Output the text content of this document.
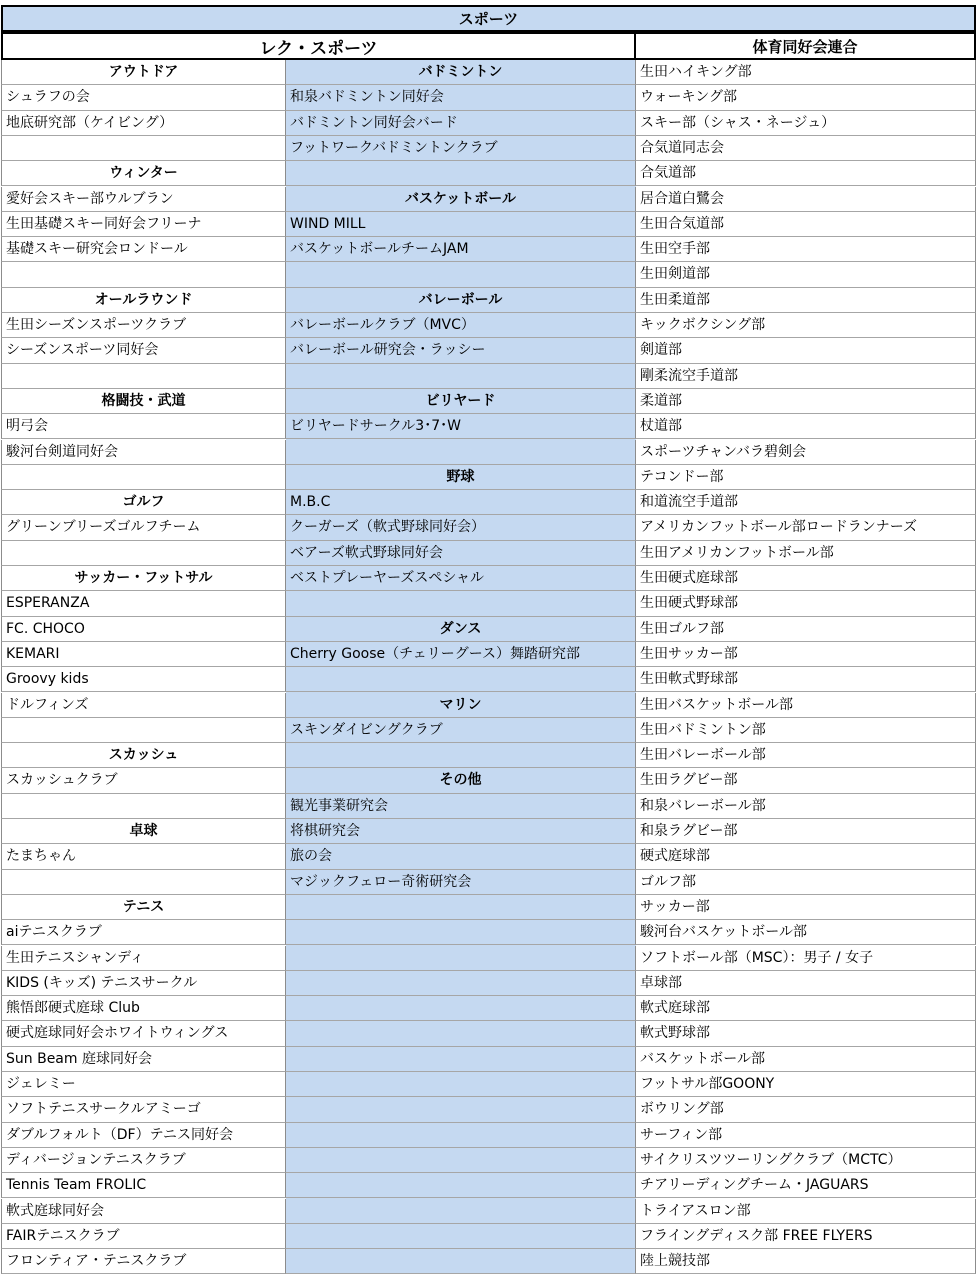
スポーツ
レク・スポーツ	体育同好会連合
アウトドア
シュラフの会
地底研究部（ケイビング）
ウィンター
愛好会スキー部ウルブラン
生田基礎スキー同好会フリーナ
基礎スキー研究会ロンドール
オールラウンド
生田シーズンスポーツクラブ
シーズンスポーツ同好会
格闘技・武道
明弓会
駿河台剣道同好会
ゴルフ
グリーンブリーズゴルフチーム
サッカー・フットサル
ESPERANZA
FC. CHOCO
KEMARI
Groovy kids
ドルフィンズ
スカッシュ
スカッシュクラブ
卓球
たまちゃん
テニス
aiテニスクラブ
生田テニスシャンディ
KIDS (キッズ) テニスサークル
熊悟郎硬式庭球 Club
硬式庭球同好会ホワイトウィングス
Sun Beam 庭球同好会
ジェレミー
ソフトテニスサークルアミーゴ
ダブルフォルト（DF）テニス同好会
ディバージョンテニスクラブ
Tennis Team FROLIC
軟式庭球同好会
FAIRテニスクラブ
フロンティア・テニスクラブ
バドミントン
和泉バドミントン同好会
バドミントン同好会バード
フットワークバドミントンクラブ
バスケットボール
WIND MILL
バスケットボールチームJAM
バレーボール
バレーボールクラブ（MVC）
バレーボール研究会・ラッシー
ビリヤード
ビリヤードサークル3･7･W
野球
M.B.C
クーガーズ（軟式野球同好会）
ベアーズ軟式野球同好会
ベストプレーヤーズスペシャル
ダンス
Cherry Goose（チェリーグース）舞踏研究部
マリン
スキンダイビングクラブ
その他
観光事業研究会
将棋研究会
旅の会
マジックフェロー奇術研究会
生田ハイキング部
ウォーキング部
スキー部（シャス・ネージュ）
合気道同志会
合気道部
居合道白鷺会
生田合気道部
生田空手部
生田剣道部
生田柔道部
キックボクシング部
剣道部
剛柔流空手道部
柔道部
杖道部
スポーツチャンバラ碧剣会
テコンドー部
和道流空手道部
アメリカンフットボール部ロードランナーズ
生田アメリカンフットボール部
生田硬式庭球部
生田硬式野球部
生田ゴルフ部
生田サッカー部
生田軟式野球部
生田バスケットボール部
生田バドミントン部
生田バレーボール部
生田ラグビー部
和泉バレーボール部
和泉ラグビー部
硬式庭球部
ゴルフ部
サッカー部
駿河台バスケットボール部
ソフトボール部（MSC）：男子 / 女子
卓球部
軟式庭球部
軟式野球部
バスケットボール部
フットサル部GOONY
ボウリング部
サーフィン部
サイクリスツツーリングクラブ（MCTC）
チアリーディングチーム・JAGUARS
トライアスロン部
フライングディスク部 FREE FLYERS
陸上競技部
